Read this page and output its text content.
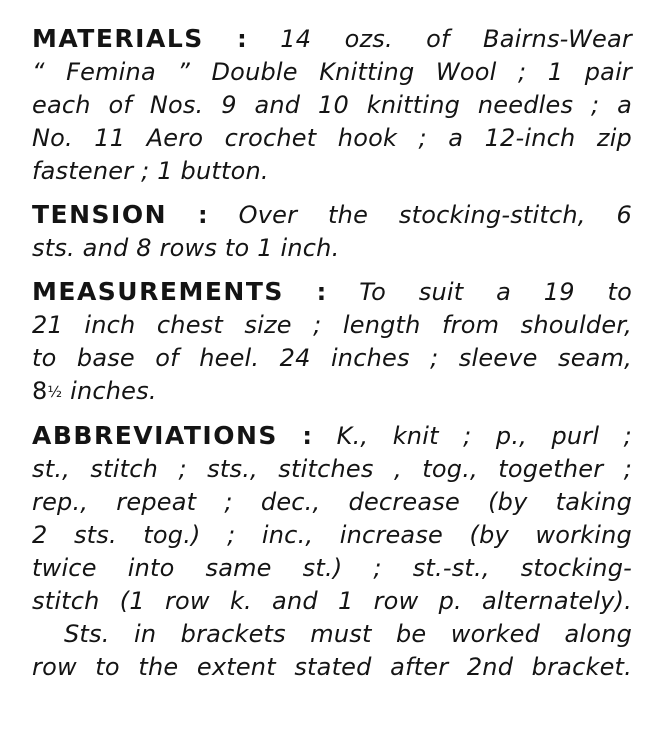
MATERIALS : 14 ozs. of Bairns-Wear
“ Femina ” Double Knitting Wool ; 1 pair
each of Nos. 9 and 10 knitting needles ; a
No. 11 Aero crochet hook ; a 12-inch zip
fastener ; 1 button.
TENSION : Over the stocking-stitch, 6
sts. and 8 rows to 1 inch.
MEASUREMENTS : To suit a 19 to
21 inch chest size ; length from shoulder,
to base of heel. 24 inches ; sleeve seam,
8½ inches.
ABBREVIATIONS : K., knit ; p., purl ;
st., stitch ; sts., stitches , tog., together ;
rep., repeat ; dec., decrease (by taking
2 sts. tog.) ; inc., increase (by working
twice into same st.) ; st.-st., stocking-
stitch (1 row k. and 1 row p. alternately).
Sts. in brackets must be worked along
row to the extent stated after 2nd bracket.
